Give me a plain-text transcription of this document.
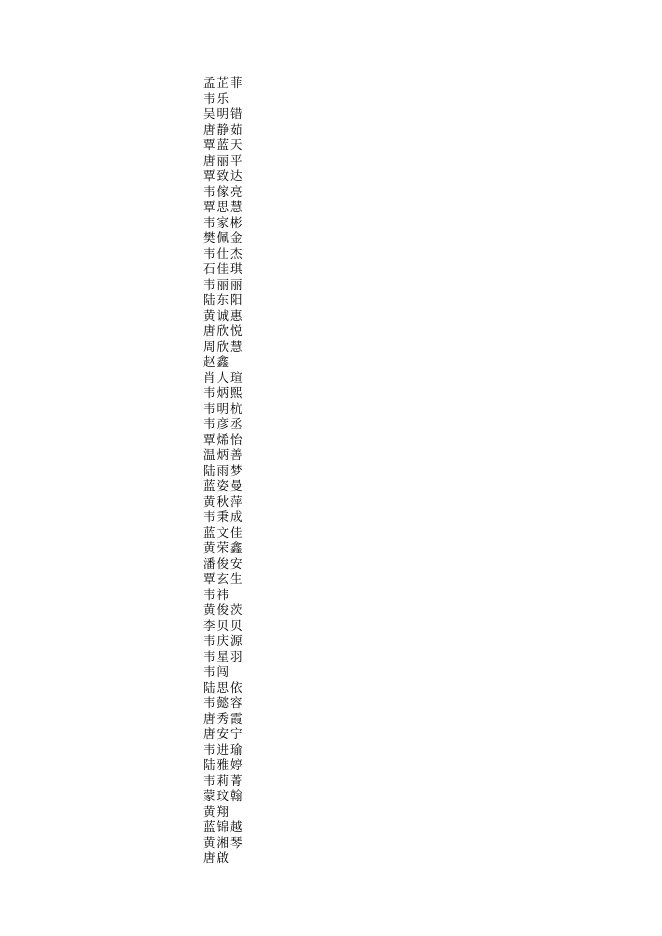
孟芷菲
韦乐
吴明错
唐静茹
覃蓝天
唐丽平
覃致达
韦傢亮
覃思慧
韦家彬
樊佩金
韦仕杰
石佳琪
韦丽丽
陆东阳
黄诚惠
唐欣悦
周欣慧
赵鑫
肖人瑄
韦炳熙
韦明杭
韦彦丞
覃烯怡
温炳善
陆雨梦
蓝姿曼
黄秋萍
韦秉成
蓝文佳
黄荣鑫
潘俊安
覃玄生
韦祎
黄俊茨
李贝贝
韦庆源
韦星羽
韦闯
陆思依
韦懿容
唐秀霞
唐安宁
韦进瑜
陆雅婷
韦莉菁
蒙玟翰
黄翔
蓝锦越
黄湘琴
唐啟
